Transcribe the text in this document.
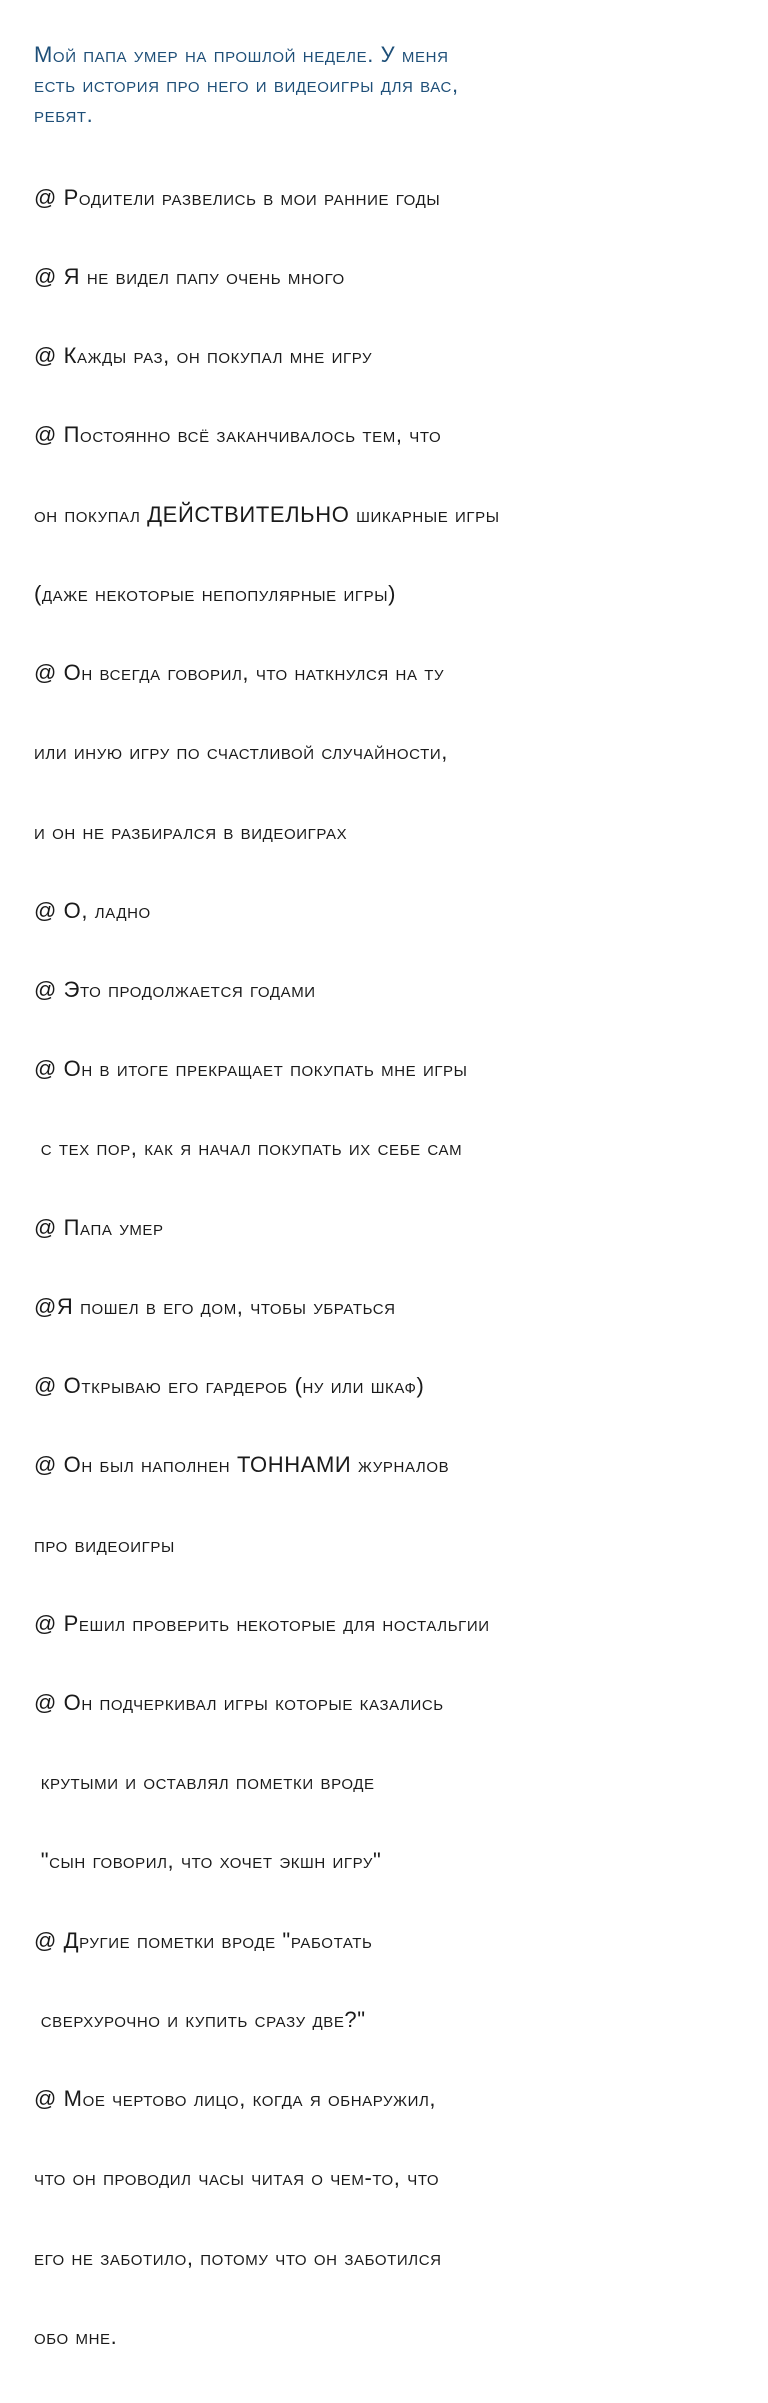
Мой папа умер на прошлой неделе. У меня
есть история про него и видеоигры для вас,
ребят.

@ Родители развелись в мои ранние годы

@ Я не видел папу очень много

@ Кажды раз, он покупал мне игру

@ Постоянно всё заканчивалось тем, что

он покупал ДЕЙСТВИТЕЛЬНО шикарные игры

(даже некоторые непопулярные игры)

@ Он всегда говорил, что наткнулся на ту

или иную игру по счастливой случайности,

и он не разбирался в видеоиграх

@ О, ладно

@ Это продолжается годами

@ Он в итоге прекращает покупать мне игры

с тех пор, как я начал покупать их себе сам

@ Папа умер

@Я пошел в его дом, чтобы убраться

@ Открываю его гардероб (ну или шкаф)

@ Он был наполнен ТОННАМИ журналов

про видеоигры

@ Решил проверить некоторые для ностальгии

@ Он подчеркивал игры которые казались

крутыми и оставлял пометки вроде

"сын говорил, что хочет экшн игру"

@ Другие пометки вроде "работать

сверхурочно и купить сразу две?"

@ Мое чертово лицо, когда я обнаружил,

что он проводил часы читая о чем-то, что

его не заботило, потому что он заботился

обо мне.
